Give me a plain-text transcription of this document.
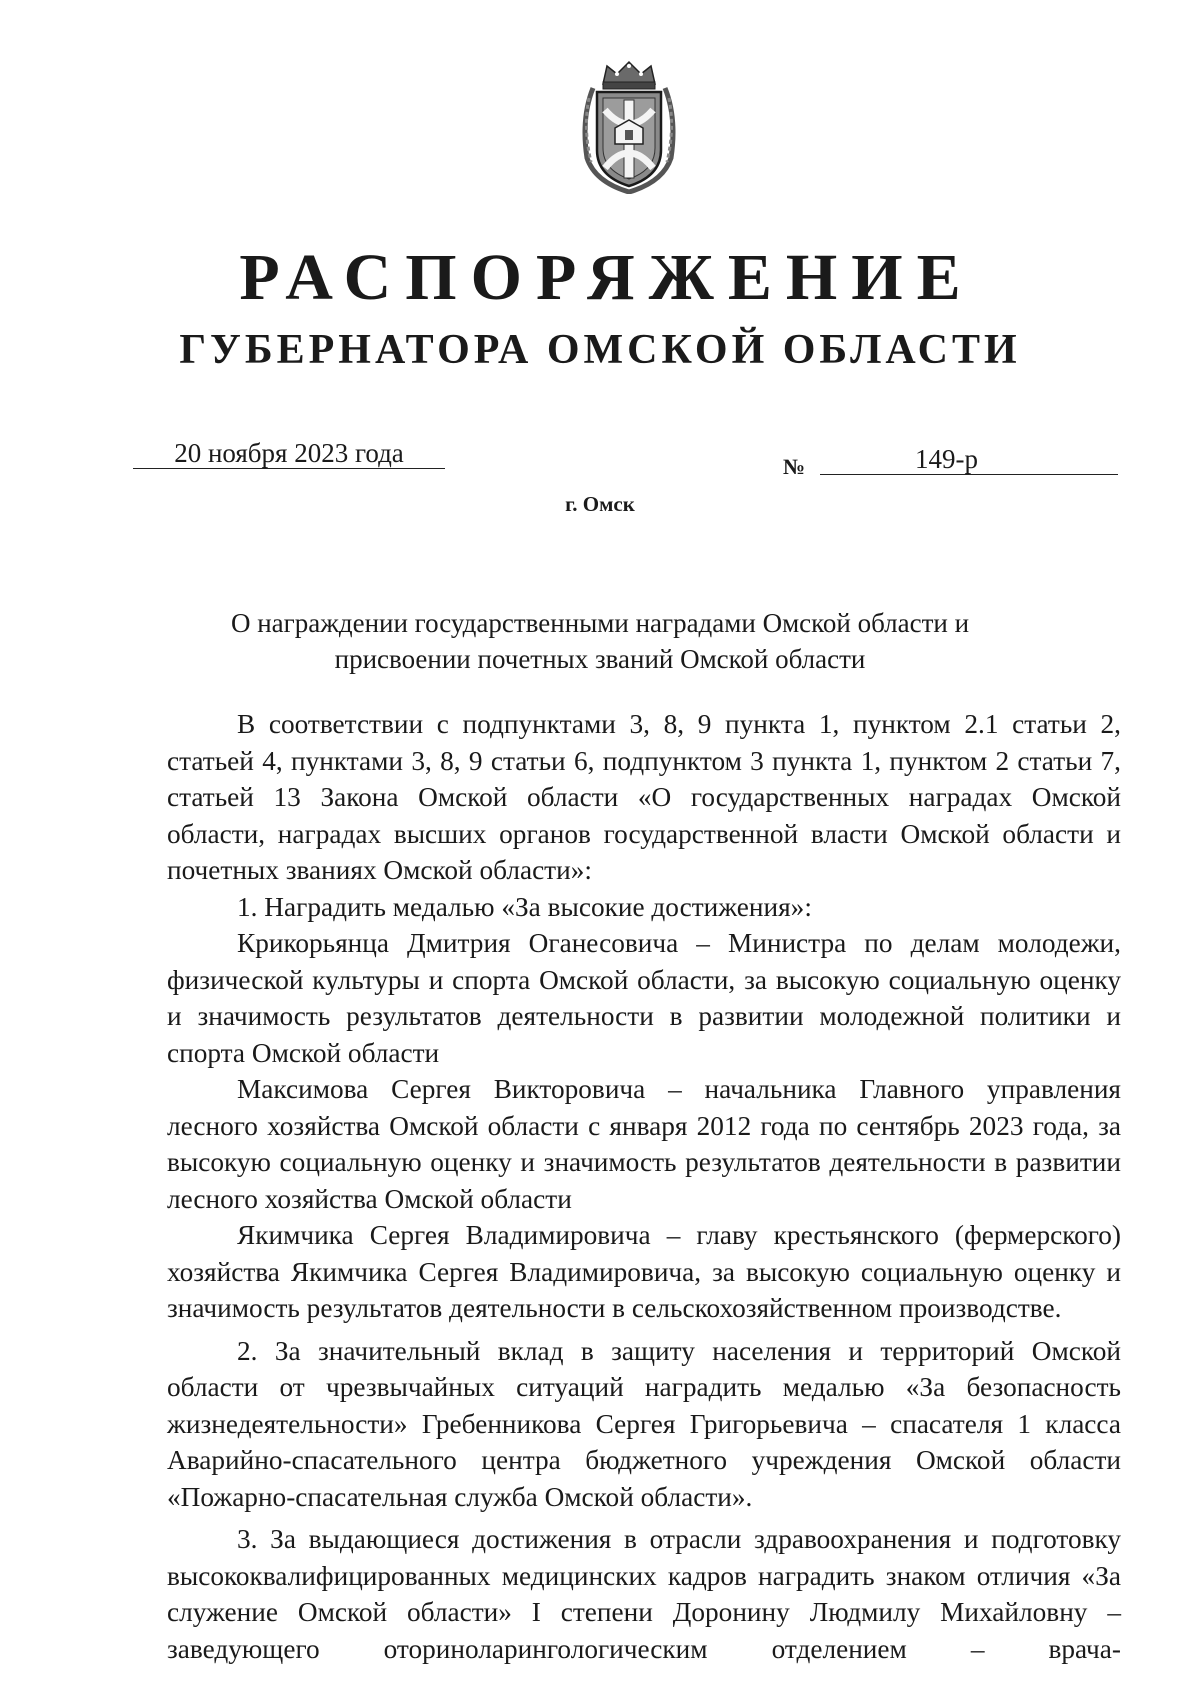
РАСПОРЯЖЕНИЕ
ГУБЕРНАТОРА ОМСКОЙ ОБЛАСТИ
20 ноября 2023 года	№	149-р
г. Омск
О награждении государственными наградами Омской области и
присвоении почетных званий Омской области

В соответствии с подпунктами 3, 8, 9 пункта 1, пунктом 2.1 статьи 2, статьей 4, пунктами 3, 8, 9 статьи 6, подпунктом 3 пункта 1, пунктом 2 статьи 7, статьей 13 Закона Омской области «О государственных наградах Омской области, наградах высших органов государственной власти Омской области и почетных званиях Омской области»:

1. Наградить медалью «За высокие достижения»:

Крикорьянца Дмитрия Оганесовича – Министра по делам молодежи, физической культуры и спорта Омской области, за высокую социальную оценку и значимость результатов деятельности в развитии молодежной политики и спорта Омской области

Максимова Сергея Викторовича – начальника Главного управления лесного хозяйства Омской области с января 2012 года по сентябрь 2023 года, за высокую социальную оценку и значимость результатов деятельности в развитии лесного хозяйства Омской области

Якимчика Сергея Владимировича – главу крестьянского (фермерского) хозяйства Якимчика Сергея Владимировича, за высокую социальную оценку и значимость результатов деятельности в сельскохозяйственном производстве.

2. За значительный вклад в защиту населения и территорий Омской области от чрезвычайных ситуаций наградить медалью «За безопасность жизнедеятельности» Гребенникова Сергея Григорьевича – спасателя 1 класса Аварийно-спасательного центра бюджетного учреждения Омской области «Пожарно-спасательная служба Омской области».

3. За выдающиеся достижения в отрасли здравоохранения и подготовку высококвалифицированных медицинских кадров наградить знаком отличия «За служение Омской области» I степени Доронину Людмилу Михайловну – заведующего оториноларингологическим отделением – врача-
